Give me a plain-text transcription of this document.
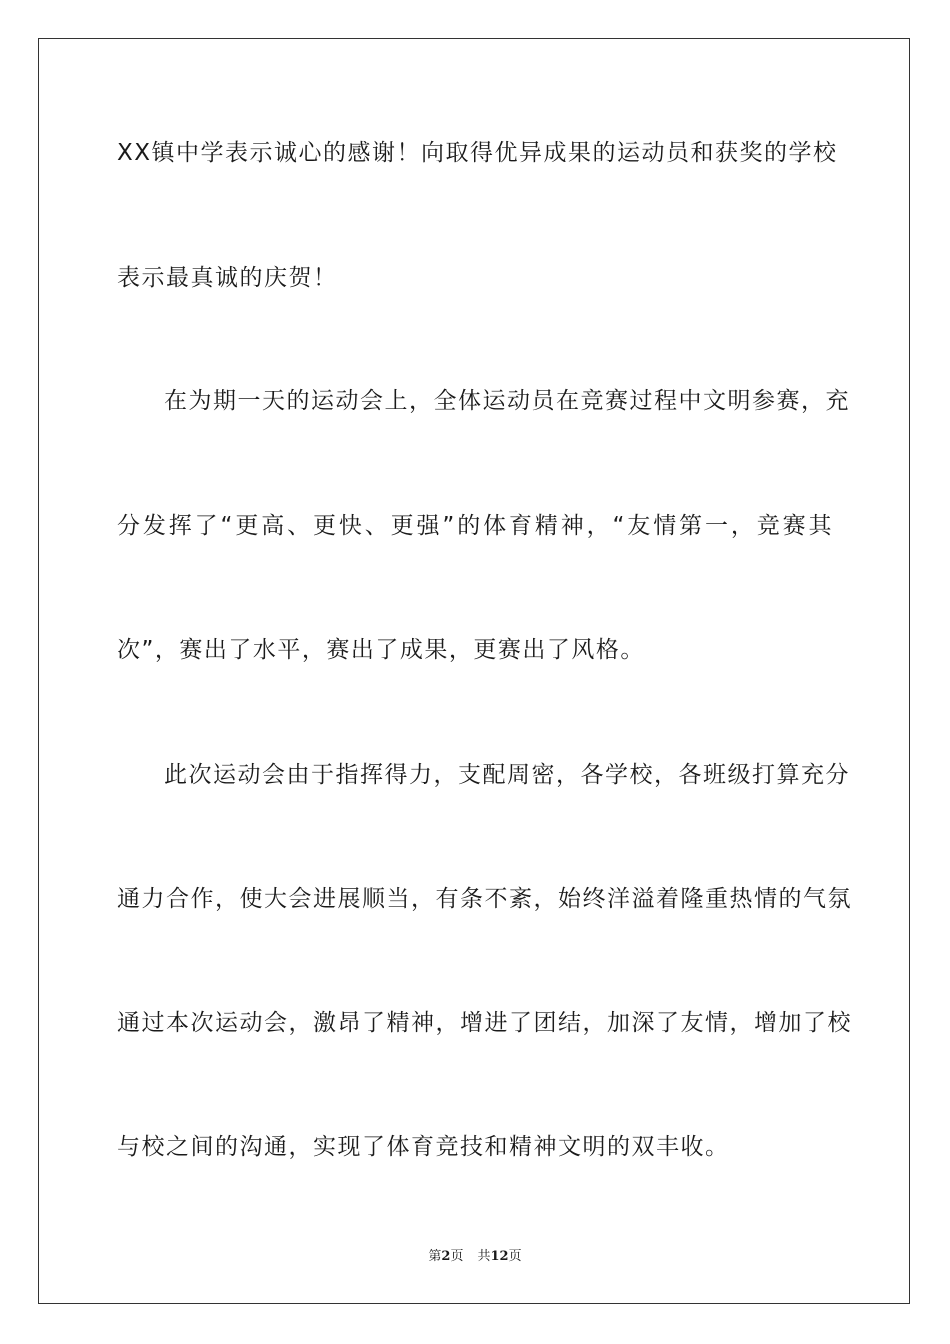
XX镇中学表示诚心的感谢！向取得优异成果的运动员和获奖的学校
表示最真诚的庆贺！
在为期一天的运动会上，全体运动员在竞赛过程中文明参赛，充
分发挥了“更高、更快、更强”的体育精神，“友情第一，竞赛其
次”，赛出了水平，赛出了成果，更赛出了风格。
此次运动会由于指挥得力，支配周密，各学校，各班级打算充分
通力合作，使大会进展顺当，有条不紊，始终洋溢着隆重热情的气氛
通过本次运动会，激昂了精神，增进了团结，加深了友情，增加了校
与校之间的沟通，实现了体育竞技和精神文明的双丰收。
第2页 共12页
